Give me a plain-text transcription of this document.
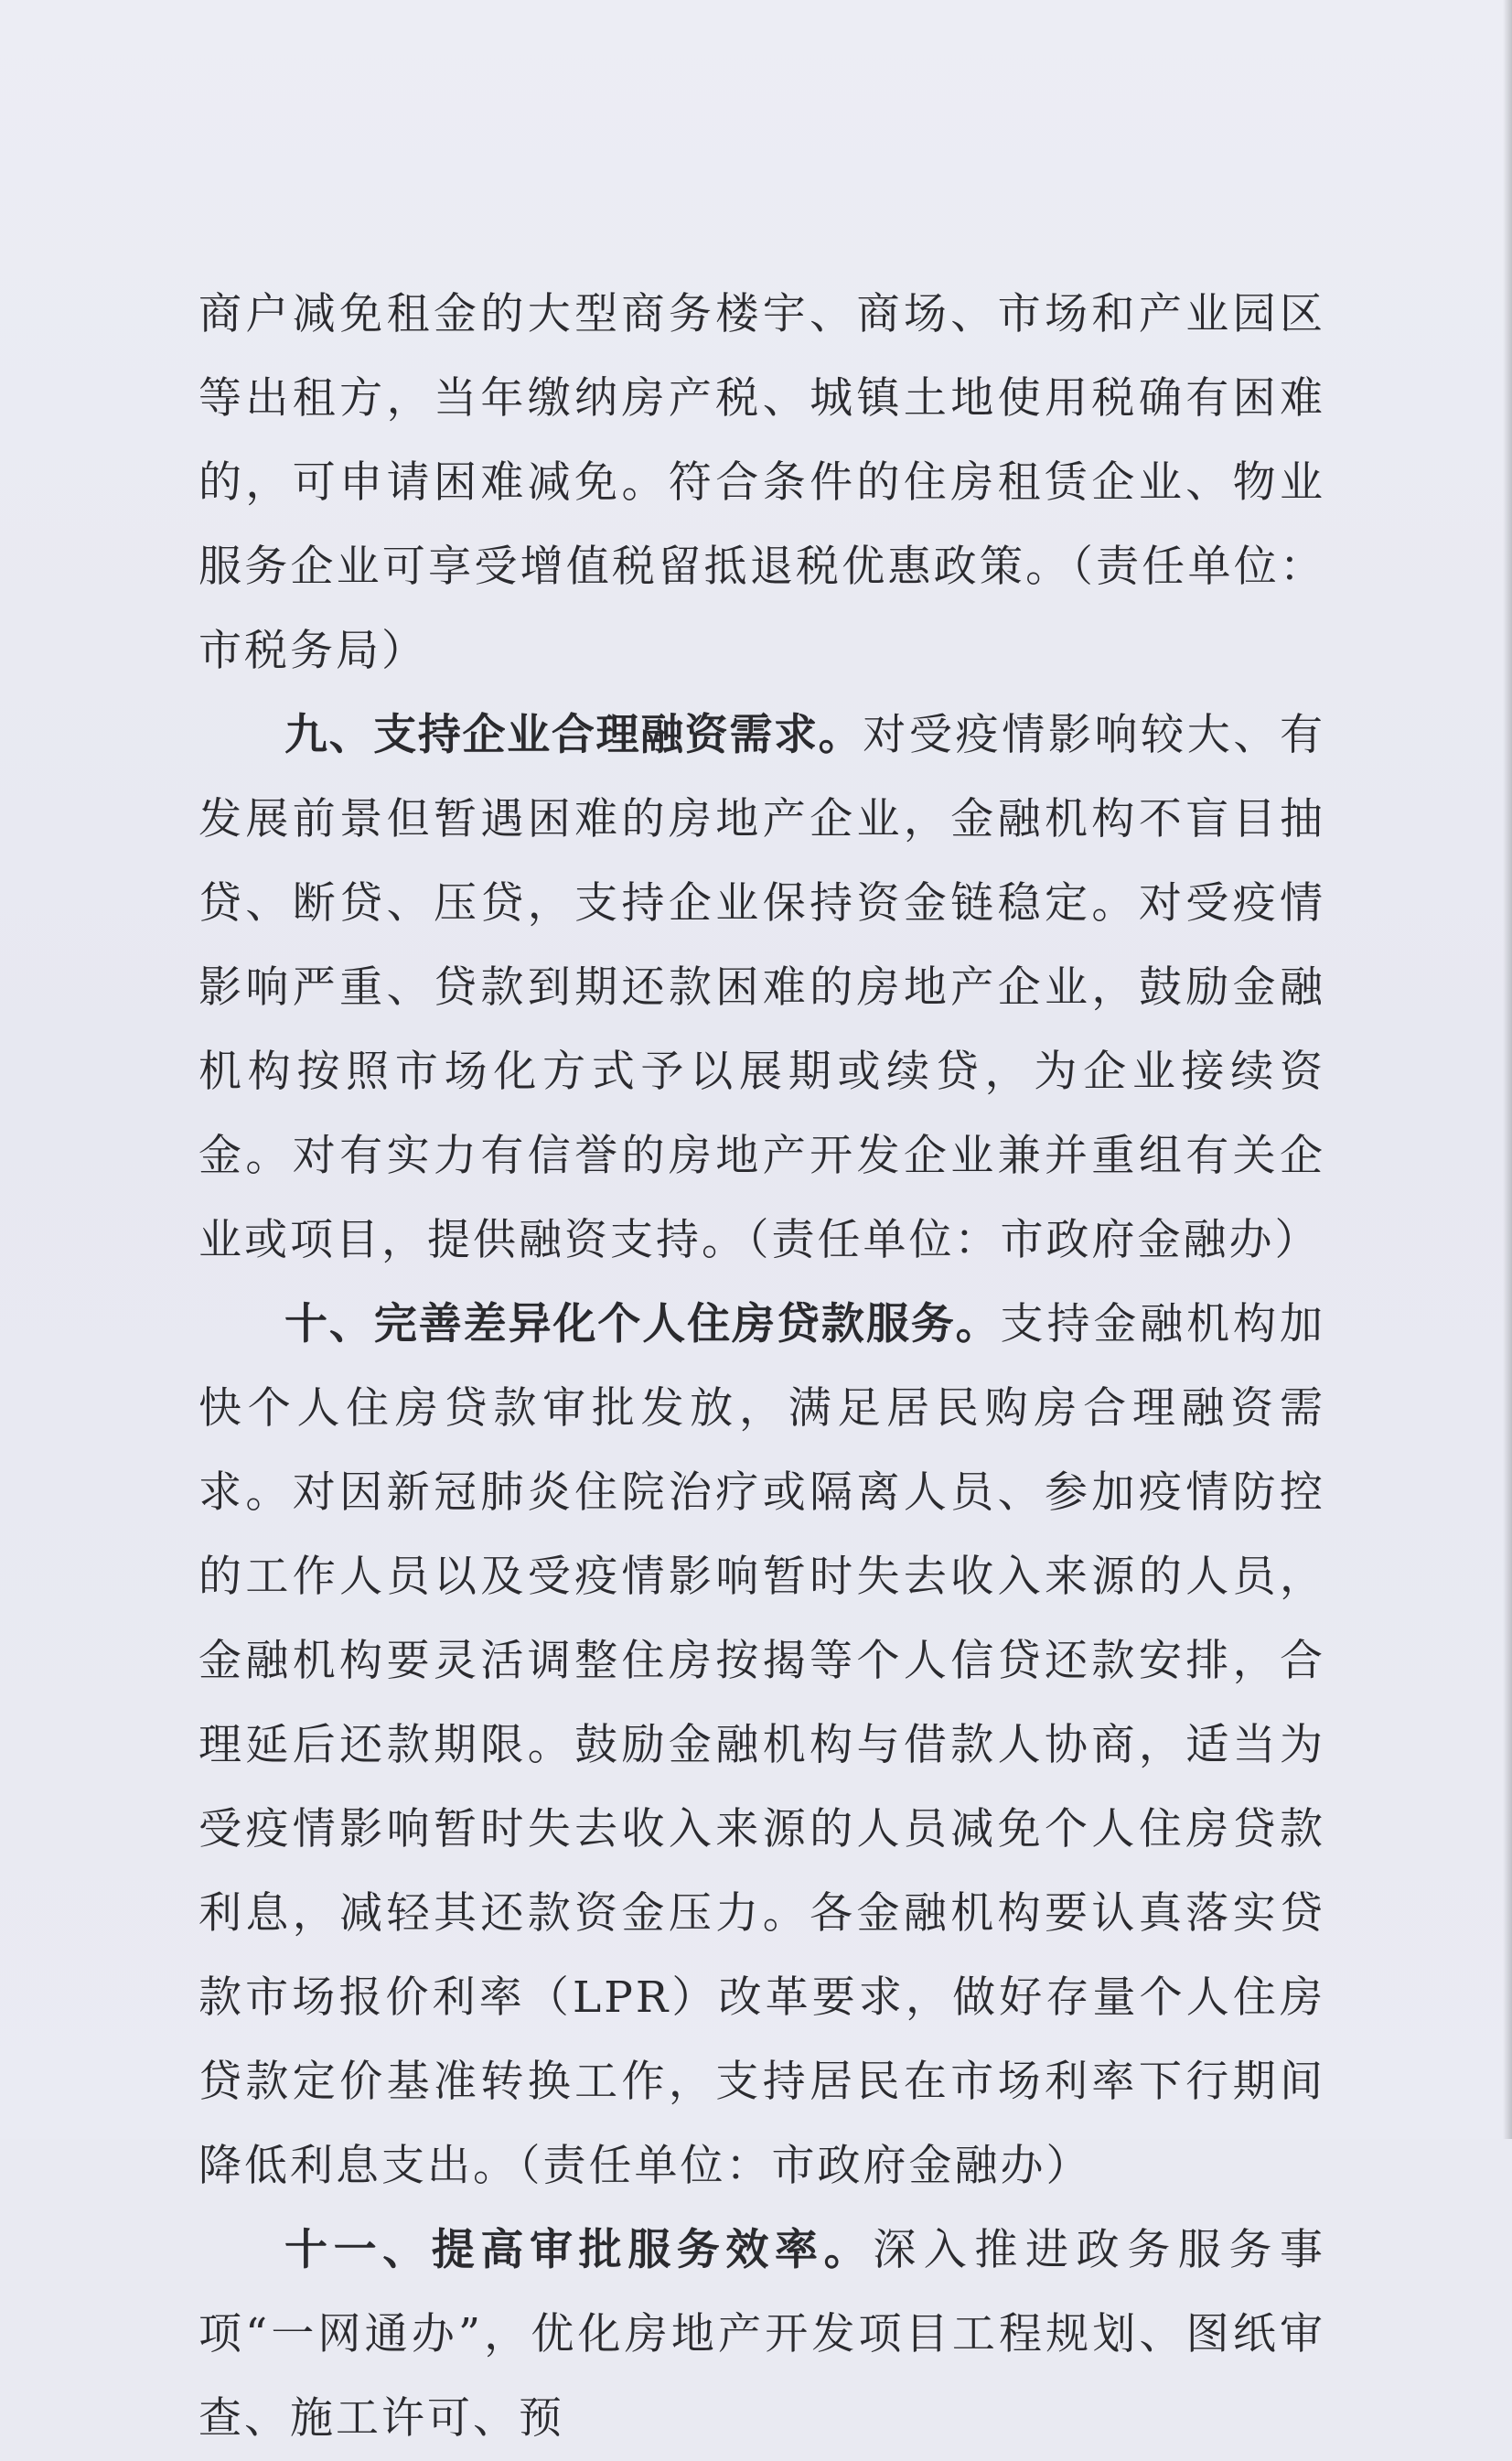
商户减免租金的大型商务楼宇、商场、市场和产业园区等出租方，当年缴纳房产税、城镇土地使用税确有困难的，可申请困难减免。符合条件的住房租赁企业、物业服务企业可享受增值税留抵退税优惠政策。（责任单位：市税务局）

九、支持企业合理融资需求。对受疫情影响较大、有发展前景但暂遇困难的房地产企业，金融机构不盲目抽贷、断贷、压贷，支持企业保持资金链稳定。对受疫情影响严重、贷款到期还款困难的房地产企业，鼓励金融机构按照市场化方式予以展期或续贷，为企业接续资金。对有实力有信誉的房地产开发企业兼并重组有关企业或项目，提供融资支持。（责任单位：市政府金融办）

十、完善差异化个人住房贷款服务。支持金融机构加快个人住房贷款审批发放，满足居民购房合理融资需求。对因新冠肺炎住院治疗或隔离人员、参加疫情防控的工作人员以及受疫情影响暂时失去收入来源的人员，金融机构要灵活调整住房按揭等个人信贷还款安排，合理延后还款期限。鼓励金融机构与借款人协商，适当为受疫情影响暂时失去收入来源的人员减免个人住房贷款利息，减轻其还款资金压力。各金融机构要认真落实贷款市场报价利率（LPR）改革要求，做好存量个人住房贷款定价基准转换工作，支持居民在市场利率下行期间降低利息支出。（责任单位：市政府金融办）

十一、提高审批服务效率。深入推进政务服务事项“一网通办”，优化房地产开发项目工程规划、图纸审查、施工许可、预
